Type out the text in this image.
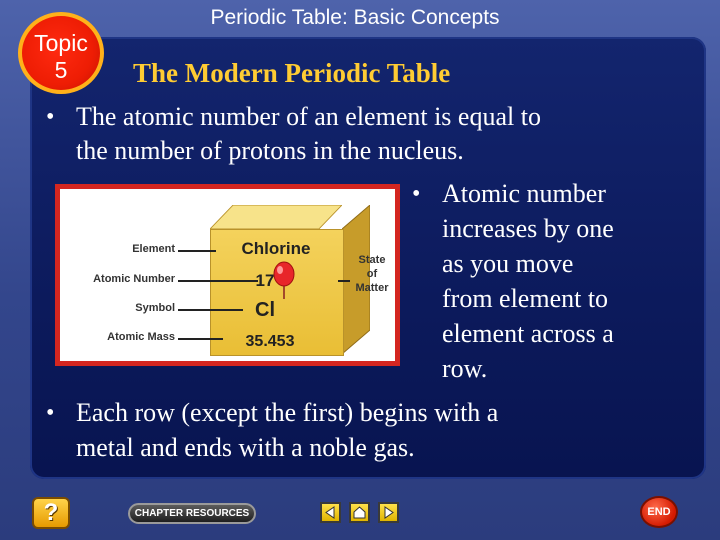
Periodic Table: Basic Concepts
Topic
5	The Modern Periodic Table
• The atomic number of an element is equal to
the number of protons in the nucleus.
• Atomic number
increases by one
as you move
from element to
element across a
row.
• Each row (except the first) begins with a
metal and ends with a noble gas.
Element
Atomic Number
Symbol
Atomic Mass
Chlorine
17
Cl
35.453
State
of
Matter
?	CHAPTER RESOURCES	END
